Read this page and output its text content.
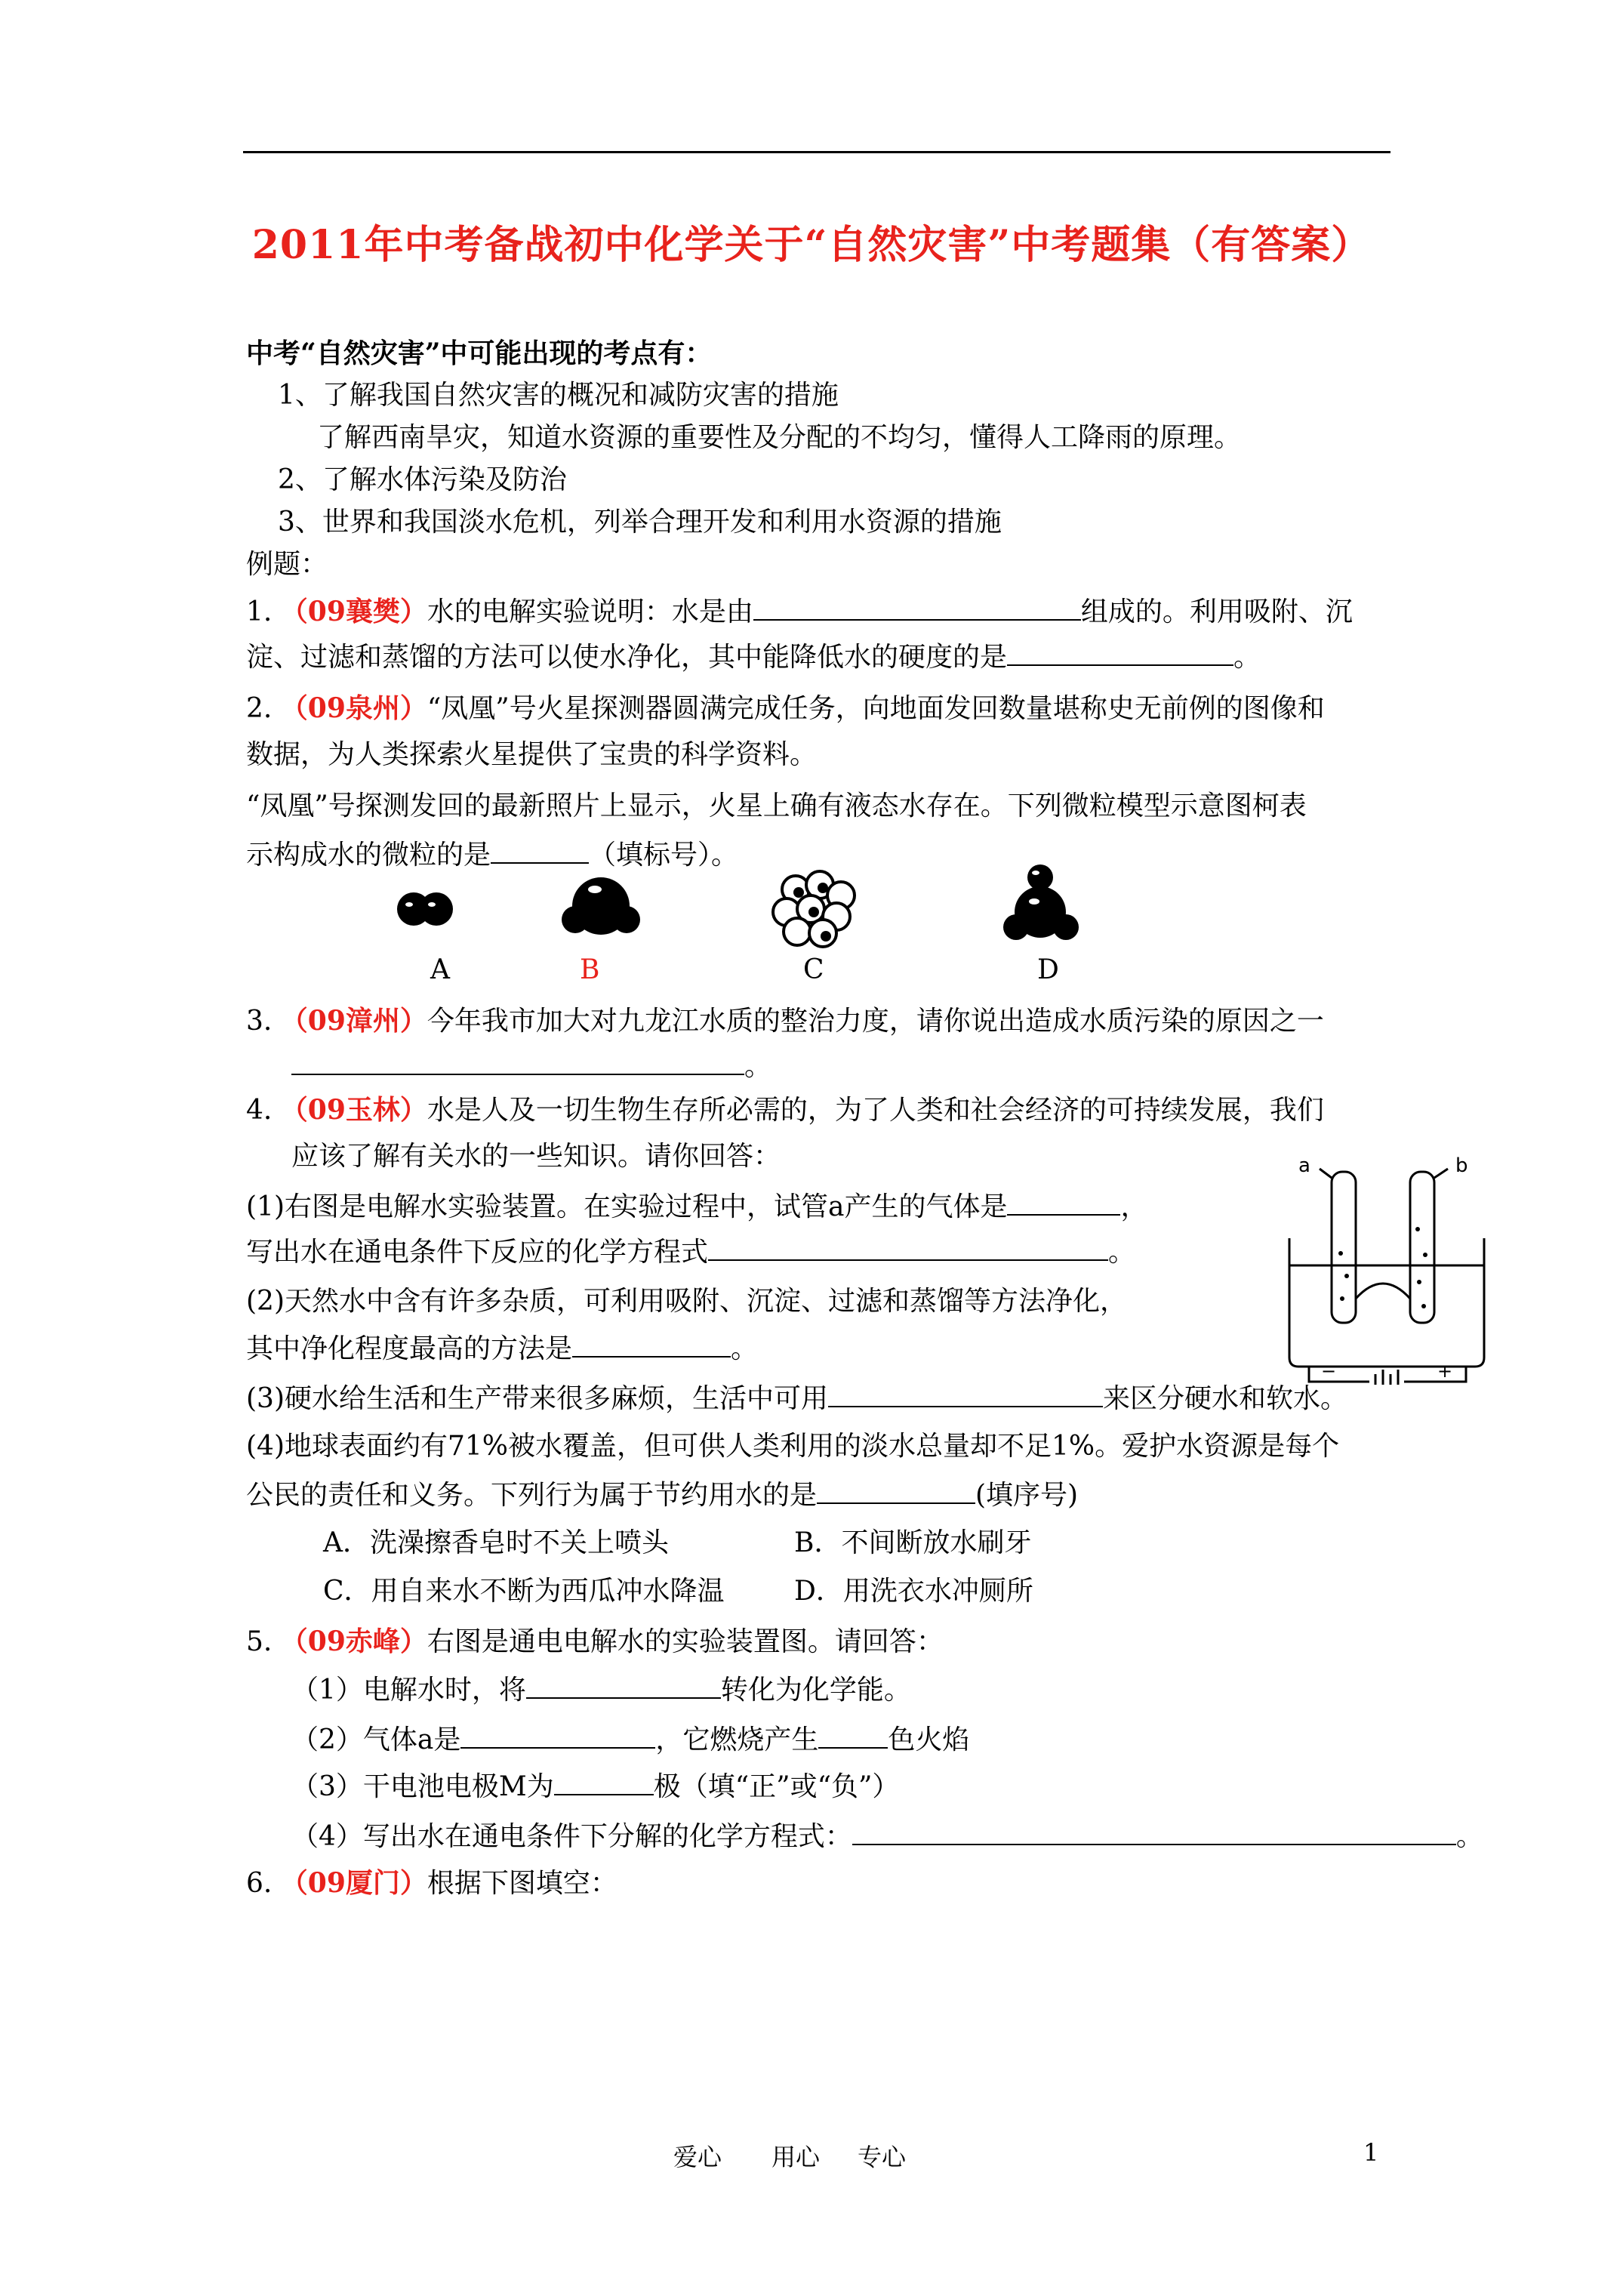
2011年中考备战初中化学关于“自然灾害”中考题集（有答案）
中考“自然灾害”中可能出现的考点有：
1、了解我国自然灾害的概况和减防灾害的措施
了解西南旱灾，知道水资源的重要性及分配的不均匀，懂得人工降雨的原理。
2、了解水体污染及防治
3、世界和我国淡水危机，列举合理开发和利用水资源的措施
例题：
1. （09襄樊）水的电解实验说明：水是由	组成的。利用吸附、沉
淀、过滤和蒸馏的方法可以使水净化，其中能降低水的硬度的是	。
2. （09泉州）“凤凰”号火星探测器圆满完成任务，向地面发回数量堪称史无前例的图像和
数据，为人类探索火星提供了宝贵的科学资料。
“凤凰”号探测发回的最新照片上显示，火星上确有液态水存在。下列微粒模型示意图柯表
示构成水的微粒的是	（填标号）。
A	B	C	D
3. （09漳州）今年我市加大对九龙江水质的整治力度，请你说出造成水质污染的原因之一
。
4. （09玉林）水是人及一切生物生存所必需的，为了人类和社会经济的可持续发展，我们
应该了解有关水的一些知识。请你回答：
(1)右图是电解水实验装置。在实验过程中，试管a产生的气体是	，
写出水在通电条件下反应的化学方程式	。
(2)天然水中含有许多杂质，可利用吸附、沉淀、过滤和蒸馏等方法净化，
其中净化程度最高的方法是	。
(3)硬水给生活和生产带来很多麻烦，生活中可用	来区分硬水和软水。
(4)地球表面约有71%被水覆盖，但可供人类利用的淡水总量却不足1%。爱护水资源是每个
公民的责任和义务。下列行为属于节约用水的是	(填序号)
A．洗澡擦香皂时不关上喷头	B．不间断放水刷牙
C．用自来水不断为西瓜冲水降温	D．用洗衣水冲厕所
a	b
−	+
5. （09赤峰）右图是通电电解水的实验装置图。请回答：
（1）电解水时，将	转化为化学能。
（2）气体a是	，它燃烧产生	色火焰
（3）干电池电极M为	极（填“正”或“负”）
（4）写出水在通电条件下分解的化学方程式：	。
6. （09厦门）根据下图填空：
爱心 用心 专心	1
